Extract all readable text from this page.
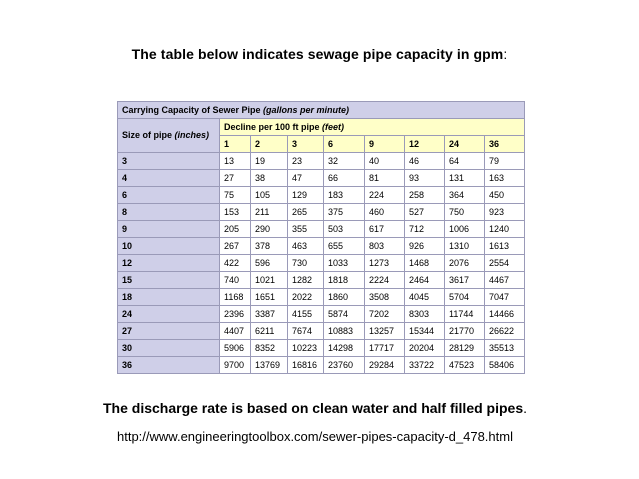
The table below indicates sewage pipe capacity in gpm:
Carrying Capacity of Sewer Pipe (gallons per minute)								
Size of pipe (inches)	Decline per 100 ft pipe (feet)							
	1	2	3	6	9	12	24	36
3	13	19	23	32	40	46	64	79
4	27	38	47	66	81	93	131	163
6	75	105	129	183	224	258	364	450
8	153	211	265	375	460	527	750	923
9	205	290	355	503	617	712	1006	1240
10	267	378	463	655	803	926	1310	1613
12	422	596	730	1033	1273	1468	2076	2554
15	740	1021	1282	1818	2224	2464	3617	4467
18	1168	1651	2022	1860	3508	4045	5704	7047
24	2396	3387	4155	5874	7202	8303	11744	14466
27	4407	6211	7674	10883	13257	15344	21770	26622
30	5906	8352	10223	14298	17717	20204	28129	35513
36	9700	13769	16816	23760	29284	33722	47523	58406
The discharge rate is based on clean water and half filled pipes.
http://www.engineeringtoolbox.com/sewer-pipes-capacity-d_478.html
